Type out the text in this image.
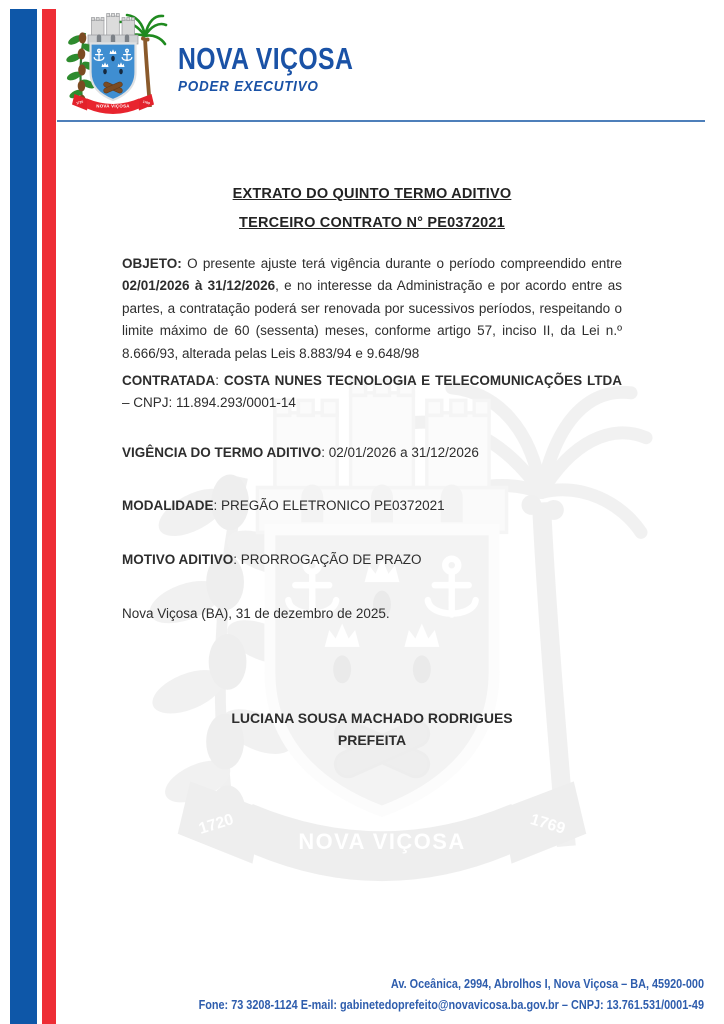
NOVA VIÇOSA
PODER EXECUTIVO
EXTRATO DO QUINTO TERMO ADITIVO
TERCEIRO CONTRATO N° PE0372021

OBJETO: O presente ajuste terá vigência durante o período compreendido entre 02/01/2026 à 31/12/2026, e no interesse da Administração e por acordo entre as partes, a contratação poderá ser renovada por sucessivos períodos, respeitando o limite máximo de 60 (sessenta) meses, conforme artigo 57, inciso II, da Lei n.º 8.666/93, alterada pelas Leis 8.883/94 e 9.648/98

CONTRATADA: COSTA NUNES TECNOLOGIA E TELECOMUNICAÇÕES LTDA – CNPJ: 11.894.293/0001-14

VIGÊNCIA DO TERMO ADITIVO: 02/01/2026 a 31/12/2026

MODALIDADE: PREGÃO ELETRONICO PE0372021

MOTIVO ADITIVO: PRORROGAÇÃO DE PRAZO

Nova Viçosa (BA), 31 de dezembro de 2025.

LUCIANA SOUSA MACHADO RODRIGUES
PREFEITA
Av. Oceânica, 2994, Abrolhos I, Nova Viçosa – BA, 45920-000
Fone: 73 3208-1124 E-mail: gabinetedoprefeito@novavicosa.ba.gov.br – CNPJ: 13.761.531/0001-49
